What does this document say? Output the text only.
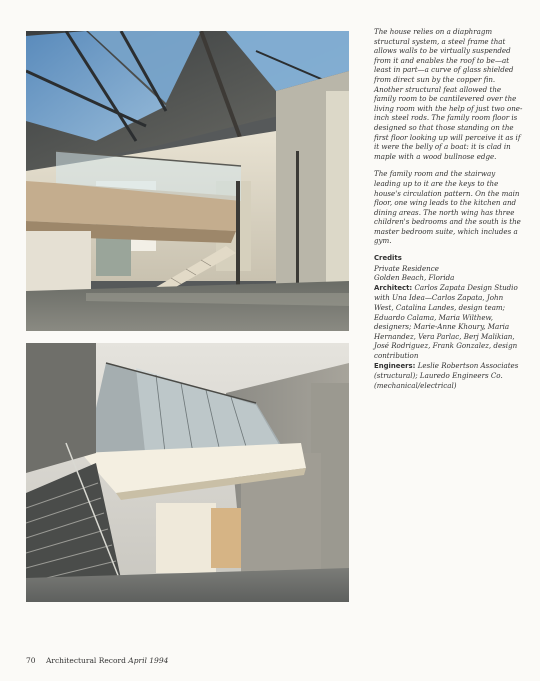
The house relies on a diaphragm structural system, a steel frame that allows walls to be virtually suspended from it and enables the roof to be—at least in part—a curve of glass shielded from direct sun by the copper fin. Another structural feat allowed the family room to be cantilevered over the living room with the help of just two one-inch steel rods. The family room floor is designed so that those standing on the first floor looking up will perceive it as if it were the belly of a boat: it is clad in maple with a wood bullnose edge.

The family room and the stairway leading up to it are the keys to the house's circulation pattern. On the main floor, one wing leads to the kitchen and dining areas. The north wing has three children's bedrooms and the south is the master bedroom suite, which includes a gym.

Credits
Private Residence
Golden Beach, Florida
Architect: Carlos Zapata Design Studio with Una Idea—Carlos Zapata, John West, Catalina Landes, design team; Eduardo Calama, Maria Wilthew, designers; Marie-Anne Khoury, Maria Hernandez, Vera Parlac, Berj Malikian, José Rodriguez, Frank Gonzalez, design contribution
Engineers: Leslie Robertson Associates (structural); Lauredo Engineers Co. (mechanical/electrical)
70 Architectural Record April 1994
